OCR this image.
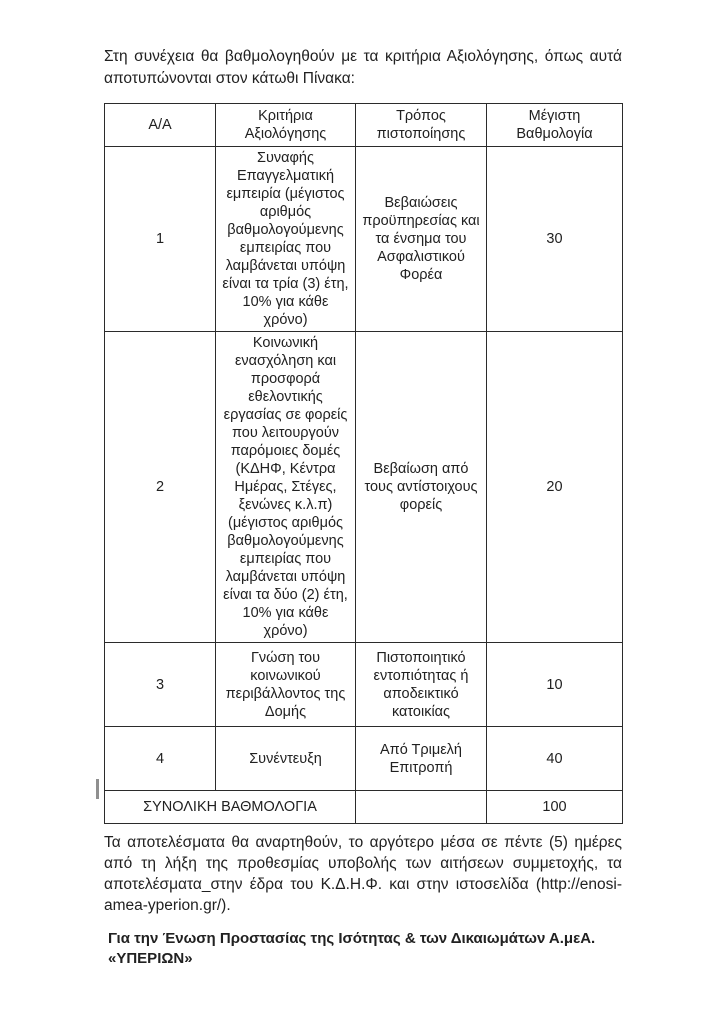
Στη συνέχεια θα βαθμολογηθούν με τα κριτήρια Αξιολόγησης, όπως αυτά αποτυπώνονται στον κάτωθι Πίνακα:

Α/Α	Κριτήρια Αξιολόγησης	Τρόπος πιστοποίησης	Μέγιστη Βαθμολογία
1	Συναφής Επαγγελματική εμπειρία (μέγιστος αριθμός βαθμολογούμενης εμπειρίας που λαμβάνεται υπόψη είναι τα τρία (3) έτη, 10% για κάθε χρόνο)	Βεβαιώσεις προϋπηρεσίας και τα ένσημα του Ασφαλιστικού Φορέα	30
2	Κοινωνική ενασχόληση και προσφορά εθελοντικής εργασίας σε φορείς που λειτουργούν παρόμοιες δομές (ΚΔΗΦ, Κέντρα Ημέρας, Στέγες, ξενώνες κ.λ.π) (μέγιστος αριθμός βαθμολογούμενης εμπειρίας που λαμβάνεται υπόψη είναι τα δύο (2) έτη, 10% για κάθε χρόνο)	Βεβαίωση από τους αντίστοιχους φορείς	20
3	Γνώση του κοινωνικού περιβάλλοντος της Δομής	Πιστοποιητικό εντοπιότητας ή αποδεικτικό κατοικίας	10
4	Συνέντευξη	Από Τριμελή Επιτροπή	40
ΣΥΝΟΛΙΚΗ ΒΑΘΜΟΛΟΓΙΑ			100

Τα αποτελέσματα θα αναρτηθούν, το αργότερο μέσα σε πέντε (5) ημέρες από τη λήξη της προθεσμίας υποβολής των αιτήσεων συμμετοχής, τα αποτελέσματα_στην έδρα του Κ.Δ.Η.Φ. και στην ιστοσελίδα (http://enosi-amea-yperion.gr/).

Για την Ένωση Προστασίας της Ισότητας & των Δικαιωμάτων Α.μεΑ. «ΥΠΕΡΙΩΝ»
